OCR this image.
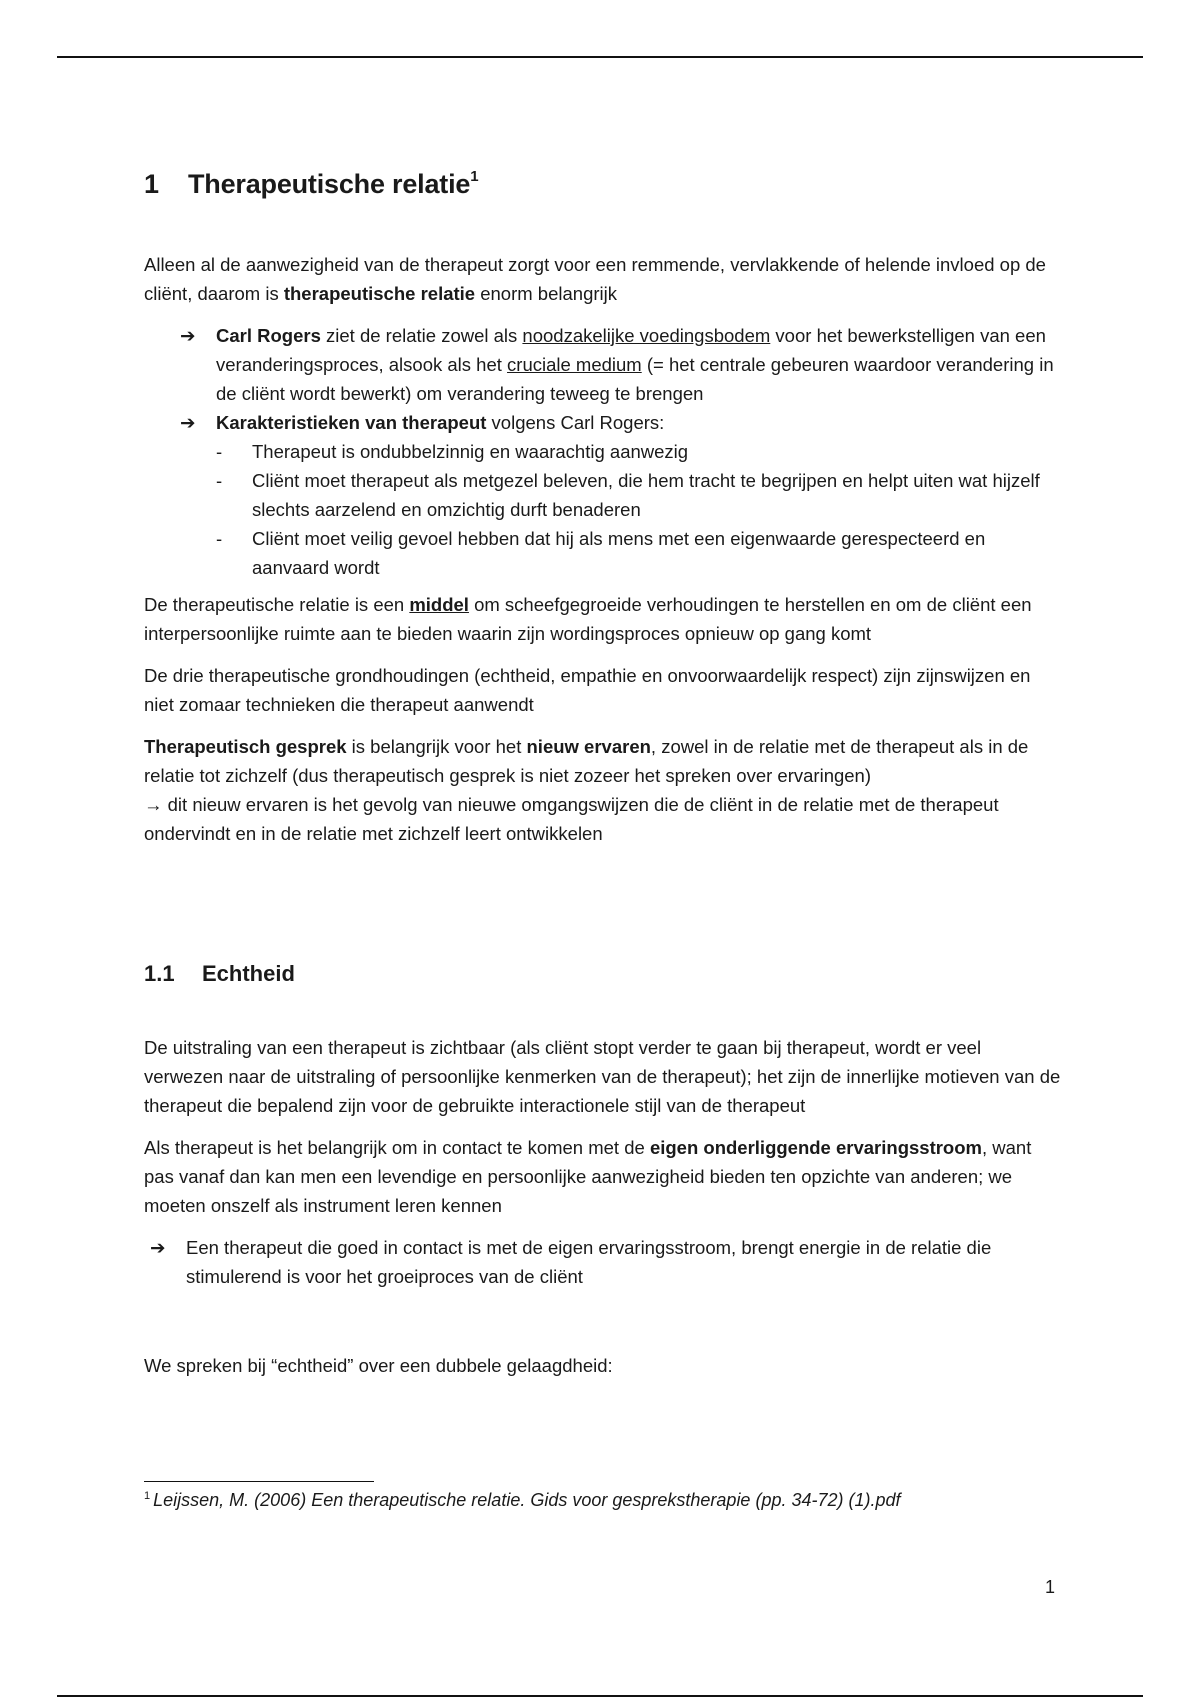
1 Therapeutische relatie$^1$

Alleen al de aanwezigheid van de therapeut zorgt voor een remmende, vervlakkende of helende invloed op de cliënt, daarom is therapeutische relatie enorm belangrijk

➔ Carl Rogers ziet de relatie zowel als noodzakelijke voedingsbodem voor het bewerkstelligen van een veranderingsproces, alsook als het cruciale medium (= het centrale gebeuren waardoor verandering in de cliënt wordt bewerkt) om verandering teweeg te brengen
➔ Karakteristieken van therapeut volgens Carl Rogers:
- Therapeut is ondubbelzinnig en waarachtig aanwezig
- Cliënt moet therapeut als metgezel beleven, die hem tracht te begrijpen en helpt uiten wat hijzelf slechts aarzelend en omzichtig durft benaderen
- Cliënt moet veilig gevoel hebben dat hij als mens met een eigenwaarde gerespecteerd en aanvaard wordt

De therapeutische relatie is een middel om scheefgegroeide verhoudingen te herstellen en om de cliënt een interpersoonlijke ruimte aan te bieden waarin zijn wordingsproces opnieuw op gang komt

De drie therapeutische grondhoudingen (echtheid, empathie en onvoorwaardelijk respect) zijn zijnswijzen en niet zomaar technieken die therapeut aanwendt

Therapeutisch gesprek is belangrijk voor het nieuw ervaren, zowel in de relatie met de therapeut als in de relatie tot zichzelf (dus therapeutisch gesprek is niet zozeer het spreken over ervaringen)
→ dit nieuw ervaren is het gevolg van nieuwe omgangswijzen die de cliënt in de relatie met de therapeut ondervindt en in de relatie met zichzelf leert ontwikkelen

1.1 Echtheid

De uitstraling van een therapeut is zichtbaar (als cliënt stopt verder te gaan bij therapeut, wordt er veel verwezen naar de uitstraling of persoonlijke kenmerken van de therapeut); het zijn de innerlijke motieven van de therapeut die bepalend zijn voor de gebruikte interactionele stijl van de therapeut

Als therapeut is het belangrijk om in contact te komen met de eigen onderliggende ervaringsstroom, want pas vanaf dan kan men een levendige en persoonlijke aanwezigheid bieden ten opzichte van anderen; we moeten onszelf als instrument leren kennen

➔ Een therapeut die goed in contact is met de eigen ervaringsstroom, brengt energie in de relatie die stimulerend is voor het groeiproces van de cliënt

We spreken bij “echtheid” over een dubbele gelaagdheid:

$^1$ Leijssen, M. (2006) Een therapeutische relatie. Gids voor gesprekstherapie (pp. 34-72) (1).pdf
1
